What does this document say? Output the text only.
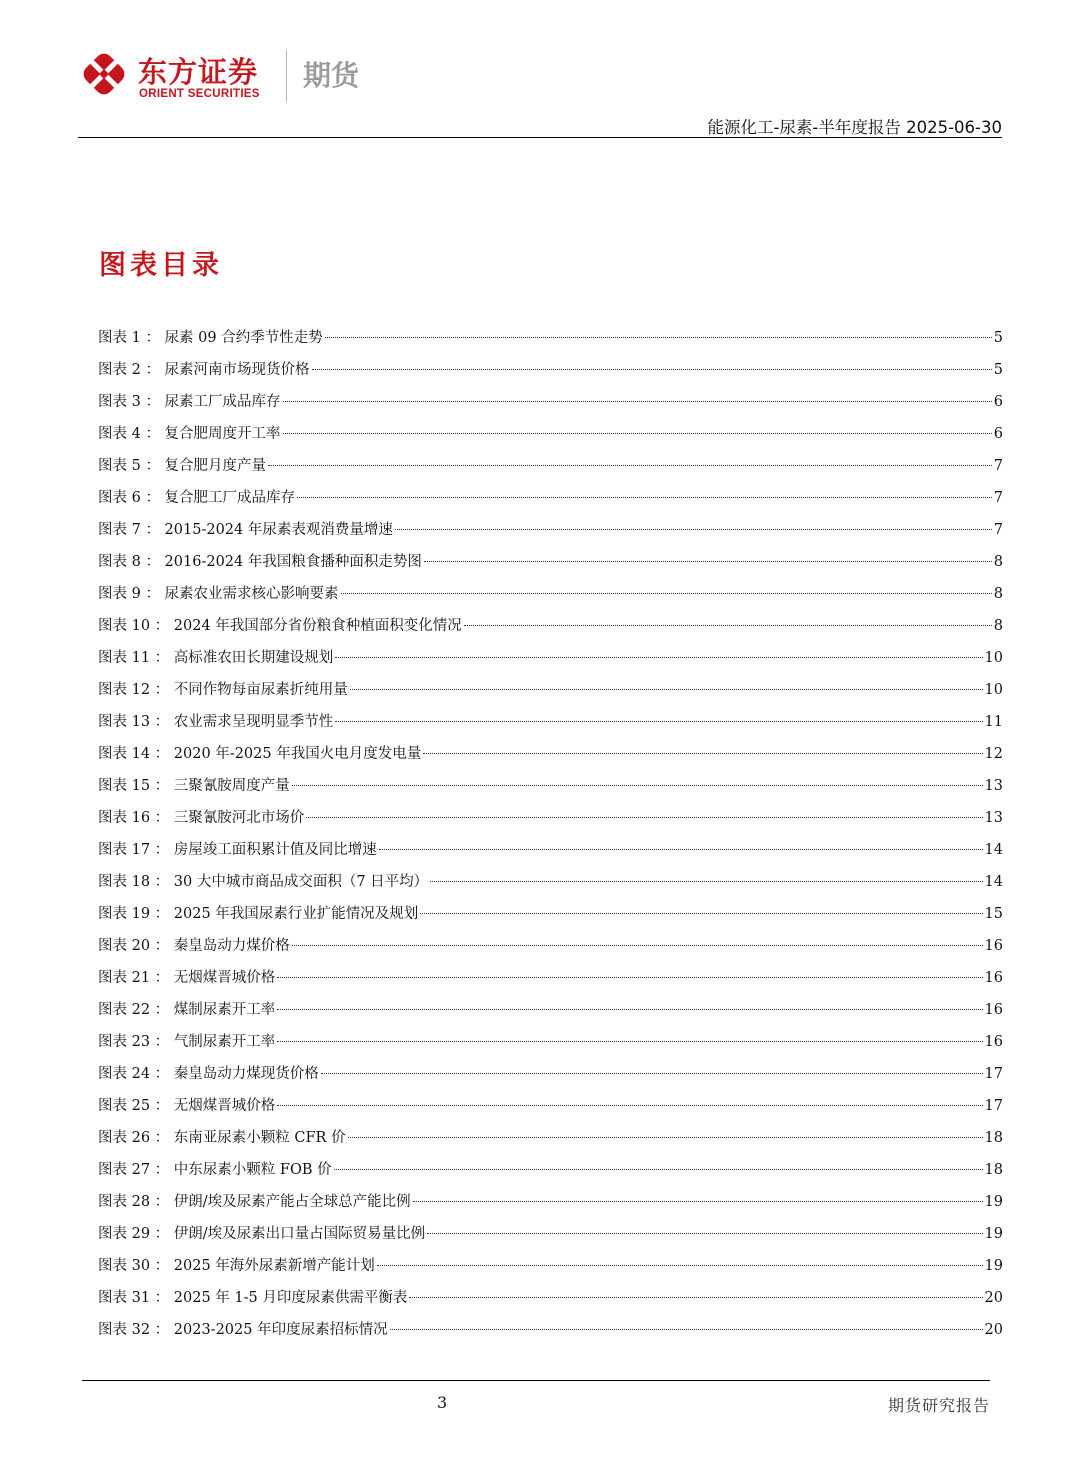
东方证券
ORIENT SECURITIES
期货
能源化工-尿素-半年度报告 2025-06-30
图表目录
图表 1 ： 尿素 09 合约季节性走势	5
图表 2 ： 尿素河南市场现货价格	5
图表 3 ： 尿素工厂成品库存	6
图表 4 ： 复合肥周度开工率	6
图表 5 ： 复合肥月度产量	7
图表 6 ： 复合肥工厂成品库存	7
图表 7 ： 2015-2024 年尿素表观消费量增速	7
图表 8 ： 2016-2024 年我国粮食播种面积走势图	8
图表 9 ： 尿素农业需求核心影响要素	8
图表 10 ： 2024 年我国部分省份粮食种植面积变化情况	8
图表 11 ： 高标准农田长期建设规划	10
图表 12 ： 不同作物每亩尿素折纯用量	10
图表 13 ： 农业需求呈现明显季节性	11
图表 14 ： 2020 年-2025 年我国火电月度发电量	12
图表 15 ： 三聚氰胺周度产量	13
图表 16 ： 三聚氰胺河北市场价	13
图表 17 ： 房屋竣工面积累计值及同比增速	14
图表 18 ： 30 大中城市商品成交面积（7 日平均）	14
图表 19 ： 2025 年我国尿素行业扩能情况及规划	15
图表 20 ： 秦皇岛动力煤价格	16
图表 21 ： 无烟煤晋城价格	16
图表 22 ： 煤制尿素开工率	16
图表 23 ： 气制尿素开工率	16
图表 24 ： 秦皇岛动力煤现货价格	17
图表 25 ： 无烟煤晋城价格	17
图表 26 ： 东南亚尿素小颗粒 CFR 价	18
图表 27 ： 中东尿素小颗粒 FOB 价	18
图表 28 ： 伊朗/埃及尿素产能占全球总产能比例	19
图表 29 ： 伊朗/埃及尿素出口量占国际贸易量比例	19
图表 30 ： 2025 年海外尿素新增产能计划	19
图表 31 ： 2025 年 1-5 月印度尿素供需平衡表	20
图表 32 ： 2023-2025 年印度尿素招标情况	20
3	期货研究报告
